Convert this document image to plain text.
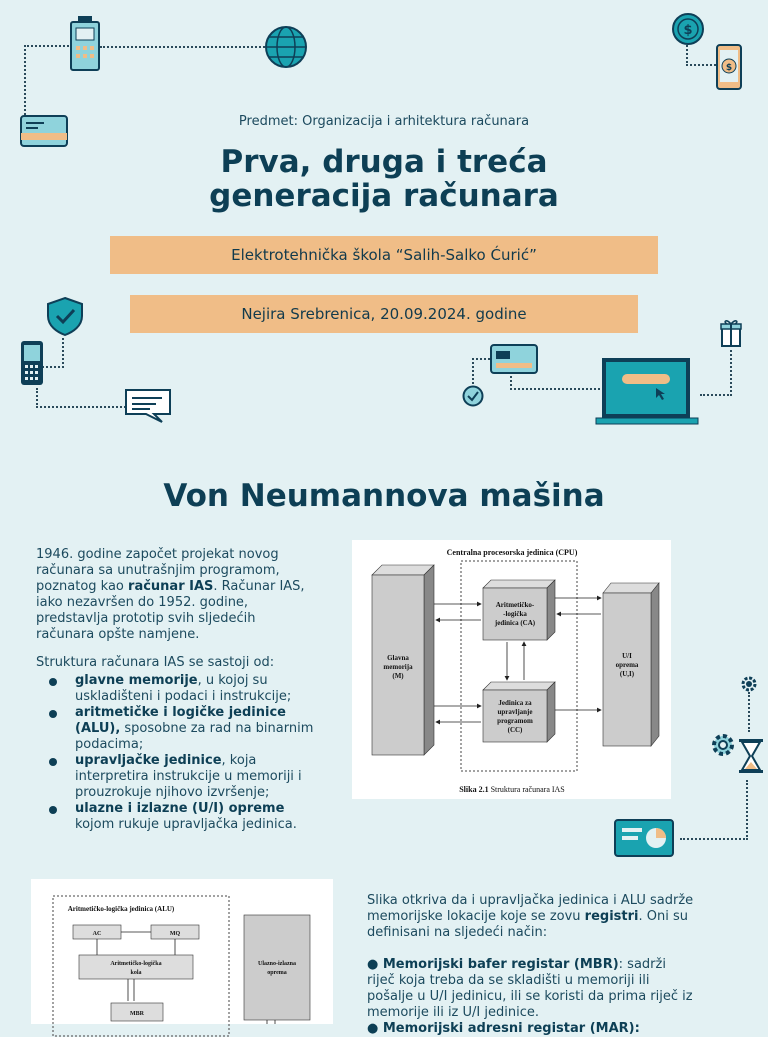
$
$
Predmet: Organizacija i arhitektura računara
Prva, druga i treća
generacija računara
Elektrotehnička škola “Salih-Salko Ćurić”
Nejira Srebrenica, 20.09.2024. godine
Von Neumannova mašina

1946. godine započet projekat novog računara sa unutrašnjim programom, poznatog kao računar IAS. Računar IAS, iako nezavršen do 1952. godine, predstavlja prototip svih sljedećih računara opšte namjene.

Struktura računara IAS se sastoji od:
glavne memorije, u kojoj su uskladišteni i podaci i instrukcije;
aritmetičke i logičke jedinice (ALU), sposobne za rad na binarnim podacima;
upravljačke jedinice, koja interpretira instrukcije u memoriji i prouzrokuje njihovo izvršenje;
ulazne i izlazne (U/I) opreme kojom rukuje upravljačka jedinica.
Centralna procesorska jedinica (CPU)
Glavna
memorija
(M)
Aritmetičko-
-logička
jedinica (CA)
Jedinica za
upravljanje
programom
(CC)
U/I
oprema
(U,I)
Slika 2.1 Struktura računara IAS
Aritmetičko-logička jedinica (ALU)
AC	MQ
Aritmetičko-logička
kola
MBR
Ulazno-izlazna
oprema

Slika otkriva da i upravljačka jedinica i ALU sadrže memorijske lokacije koje se zovu registri. Oni su definisani na sljedeći način:

● Memorijski bafer registar (MBR): sadrži riječ koja treba da se skladišti u memoriji ili pošalje u U/I jedinicu, ili se koristi da prima riječ iz memorije ili iz U/I jedinice.
● Memorijski adresni registar (MAR):
